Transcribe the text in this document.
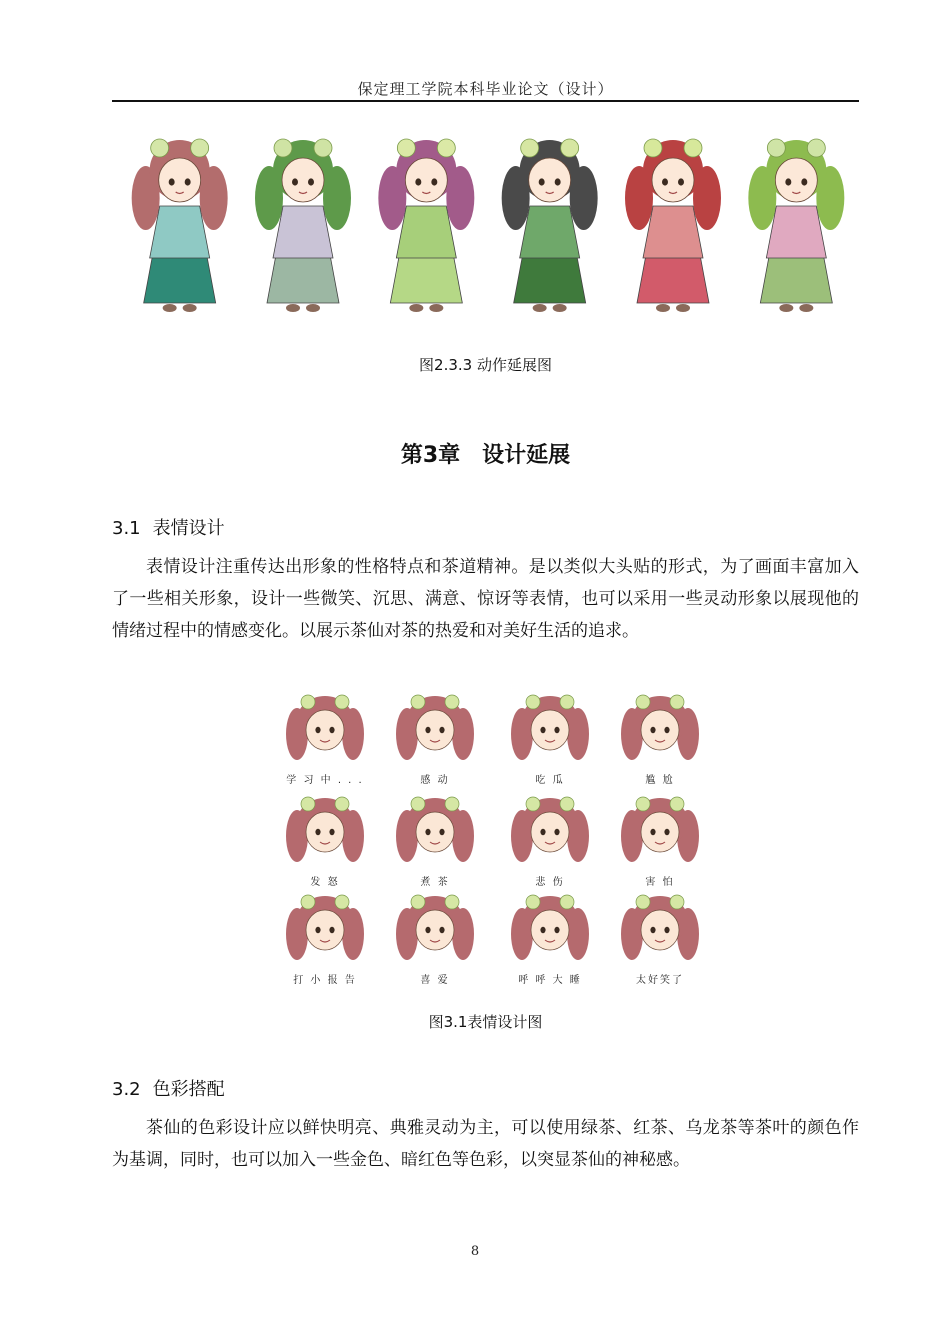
保定理工学院本科毕业论文（设计）
图2.3.3 动作延展图
第3章 设计延展
3.1 表情设计

表情设计注重传达出形象的性格特点和茶道精神。是以类似大头贴的形式，为了画面丰富加入了一些相关形象，设计一些微笑、沉思、满意、惊讶等表情，也可以采用一些灵动形象以展现他的情绪过程中的情感变化。以展示茶仙对茶的热爱和对美好生活的追求。

学 习 中 . . .	感 动	吃 瓜	尴 尬
发 怒	煮 茶	悲 伤	害 怕
打 小 报 告	喜 爱	呼 呼 大 睡	太好笑了
图3.1表情设计图
3.2 色彩搭配

茶仙的色彩设计应以鲜快明亮、典雅灵动为主，可以使用绿茶、红茶、乌龙茶等茶叶的颜色作为基调，同时，也可以加入一些金色、暗红色等色彩，以突显茶仙的神秘感。

8
